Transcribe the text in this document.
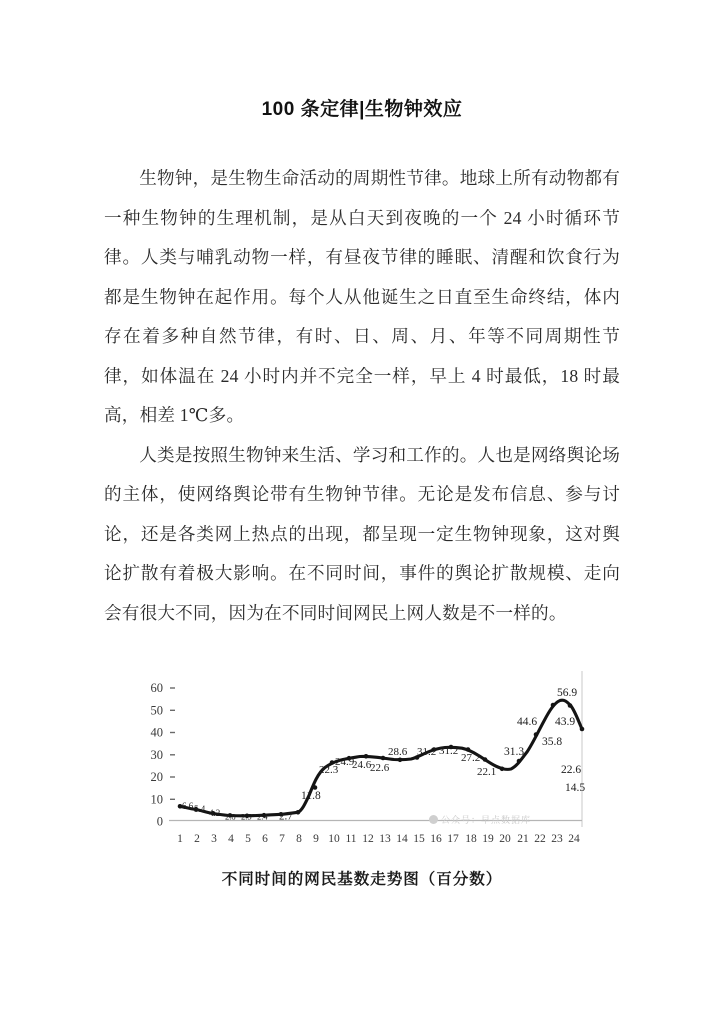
100 条定律|生物钟效应

生物钟，是生物生命活动的周期性节律。地球上所有动物都有一种生物钟的生理机制，是从白天到夜晚的一个 24 小时循环节律。人类与哺乳动物一样，有昼夜节律的睡眠、清醒和饮食行为都是生物钟在起作用。每个人从他诞生之日直至生命终结，体内存在着多种自然节律，有时、日、周、月、年等不同周期性节律，如体温在 24 小时内并不完全一样，早上 4 时最低，18 时最高，相差 1℃多。

人类是按照生物钟来生活、学习和工作的。人也是网络舆论场的主体，使网络舆论带有生物钟节律。无论是发布信息、参与讨论，还是各类网上热点的出现，都呈现一定生物钟现象，这对舆论扩散有着极大影响。在不同时间，事件的舆论扩散规模、走向会有很大不同，因为在不同时间网民上网人数是不一样的。

60
50
40
30
20
10
0
6.6 5.4 4.2 2.8 2.5 2.4 2.7
11.8
22.3
24.9
24.6
22.6
28.6 31.2 31.2
27.2
22.1
31.3
44.6
56.9
43.9
35.8
22.6
14.5
1 2 3 4 5 6 7 8 9 10 11 12 13 14 15 16 17 18 19 20 21 22 23 24
公众号：早点数据库
不同时间的网民基数走势图（百分数）
